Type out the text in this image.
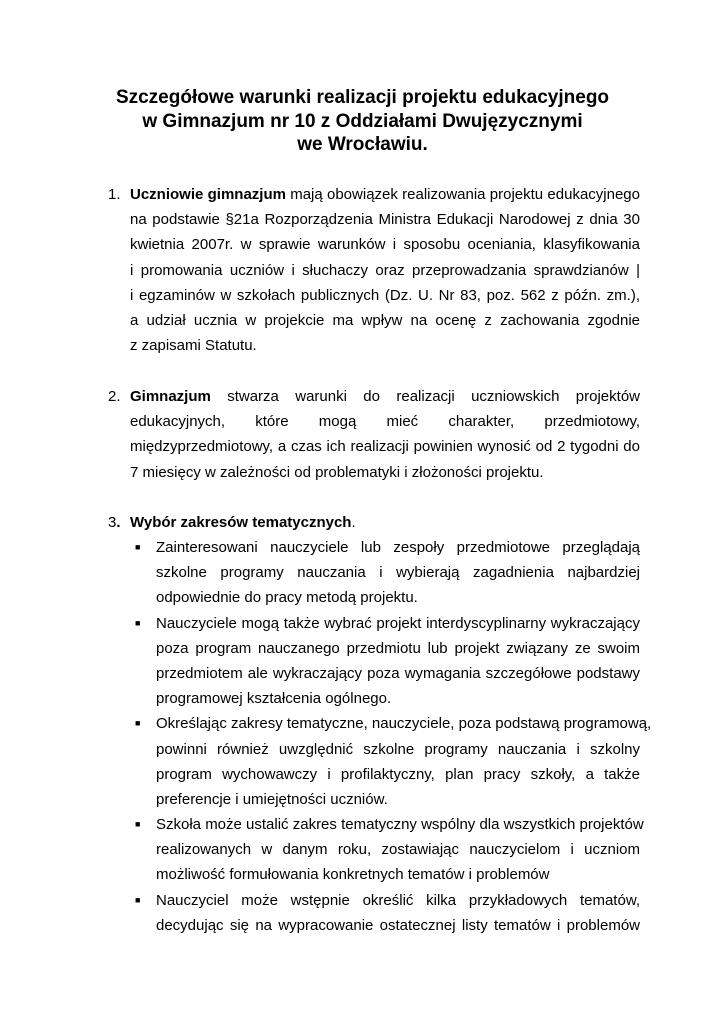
Szczegółowe warunki realizacji projektu edukacyjnego
w Gimnazjum nr 10 z Oddziałami Dwujęzycznymi
we Wrocławiu.
1. Uczniowie gimnazjum mają obowiązek realizowania projektu edukacyjnego
na podstawie §21a Rozporządzenia Ministra Edukacji Narodowej z dnia 30
kwietnia 2007r. w sprawie warunków i sposobu oceniania, klasyfikowania
i promowania uczniów i słuchaczy oraz przeprowadzania sprawdzianów |
i egzaminów w szkołach publicznych (Dz. U. Nr 83, poz. 562 z późn. zm.),
a udział ucznia w projekcie ma wpływ na ocenę z zachowania zgodnie
z zapisami Statutu.
2. Gimnazjum stwarza warunki do realizacji uczniowskich projektów
edukacyjnych, które mogą mieć charakter, przedmiotowy,
międzyprzedmiotowy, a czas ich realizacji powinien wynosić od 2 tygodni do
7 miesięcy w zależności od problematyki i złożoności projektu.
3. Wybór zakresów tematycznych.
■ Zainteresowani nauczyciele lub zespoły przedmiotowe przeglądają
szkolne programy nauczania i wybierają zagadnienia najbardziej
odpowiednie do pracy metodą projektu.
■ Nauczyciele mogą także wybrać projekt interdyscyplinarny wykraczający
poza program nauczanego przedmiotu lub projekt związany ze swoim
przedmiotem ale wykraczający poza wymagania szczegółowe podstawy
programowej kształcenia ogólnego.
■ Określając zakresy tematyczne, nauczyciele, poza podstawą programową,
powinni również uwzględnić szkolne programy nauczania i szkolny
program wychowawczy i profilaktyczny, plan pracy szkoły, a także
preferencje i umiejętności uczniów.
■ Szkoła może ustalić zakres tematyczny wspólny dla wszystkich projektów
realizowanych w danym roku, zostawiając nauczycielom i uczniom
możliwość formułowania konkretnych tematów i problemów
■ Nauczyciel może wstępnie określić kilka przykładowych tematów,
decydując się na wypracowanie ostatecznej listy tematów i problemów
